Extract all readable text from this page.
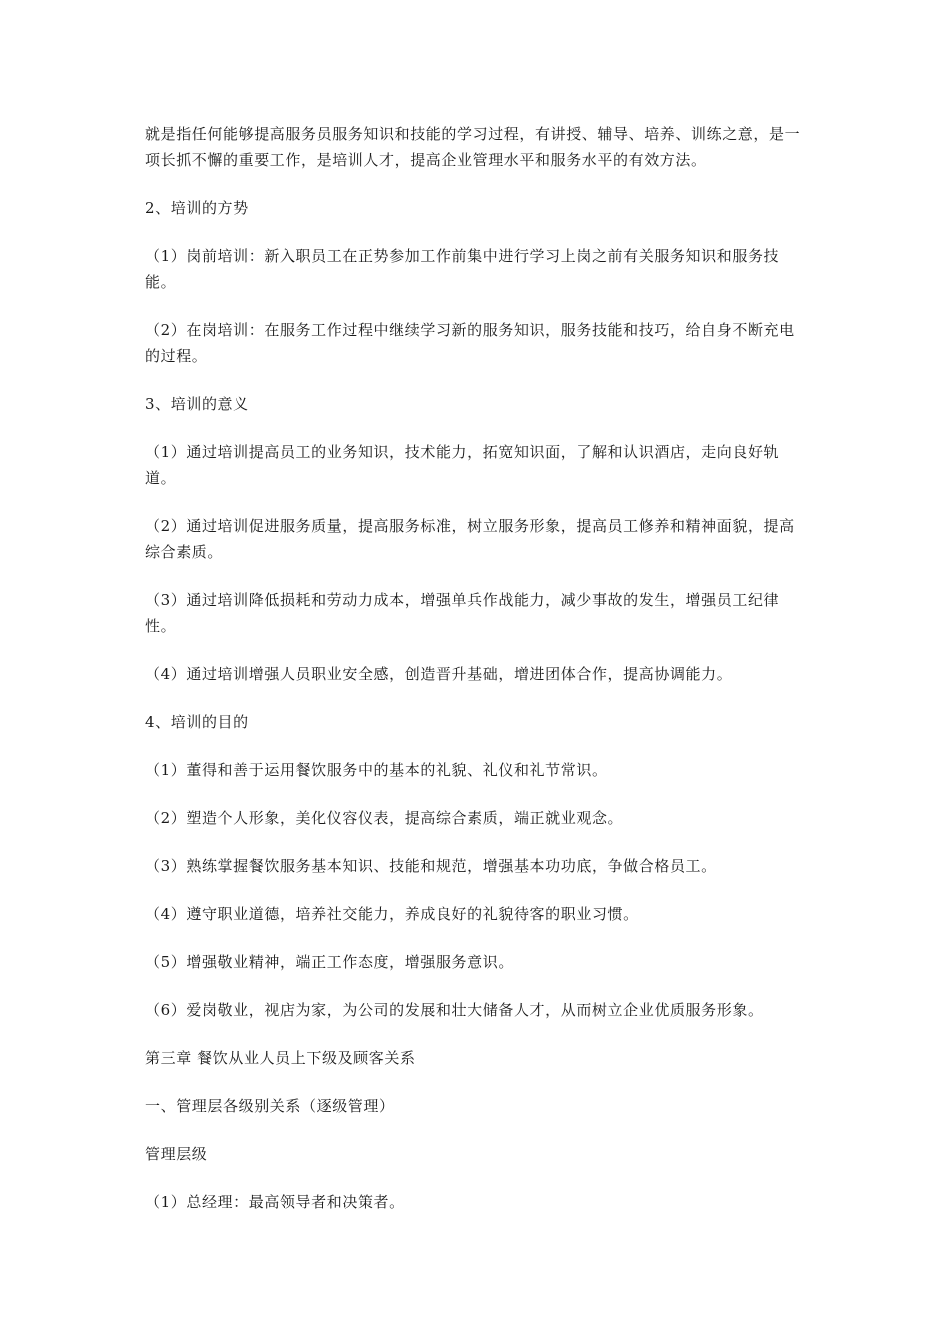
就是指任何能够提高服务员服务知识和技能的学习过程，有讲授、辅导、培养、训练之意，是一项长抓不懈的重要工作，是培训人才，提高企业管理水平和服务水平的有效方法。

2、培训的方势

（1）岗前培训：新入职员工在正势参加工作前集中进行学习上岗之前有关服务知识和服务技能。

（2）在岗培训：在服务工作过程中继续学习新的服务知识，服务技能和技巧，给自身不断充电的过程。

3、培训的意义

（1）通过培训提高员工的业务知识，技术能力，拓宽知识面，了解和认识酒店，走向良好轨道。

（2）通过培训促进服务质量，提高服务标准，树立服务形象，提高员工修养和精神面貌，提高综合素质。

（3）通过培训降低损耗和劳动力成本，增强单兵作战能力，减少事故的发生，增强员工纪律性。

（4）通过培训增强人员职业安全感，创造晋升基础，增进团体合作，提高协调能力。

4、培训的目的

（1）董得和善于运用餐饮服务中的基本的礼貌、礼仪和礼节常识。

（2）塑造个人形象，美化仪容仪表，提高综合素质，端正就业观念。

（3）熟练掌握餐饮服务基本知识、技能和规范，增强基本功功底，争做合格员工。

（4）遵守职业道德，培养社交能力，养成良好的礼貌待客的职业习惯。

（5）增强敬业精神，端正工作态度，增强服务意识。

（6）爱岗敬业，视店为家，为公司的发展和壮大储备人才，从而树立企业优质服务形象。

第三章 餐饮从业人员上下级及顾客关系

一、管理层各级别关系（逐级管理）

管理层级

（1）总经理：最高领导者和决策者。
